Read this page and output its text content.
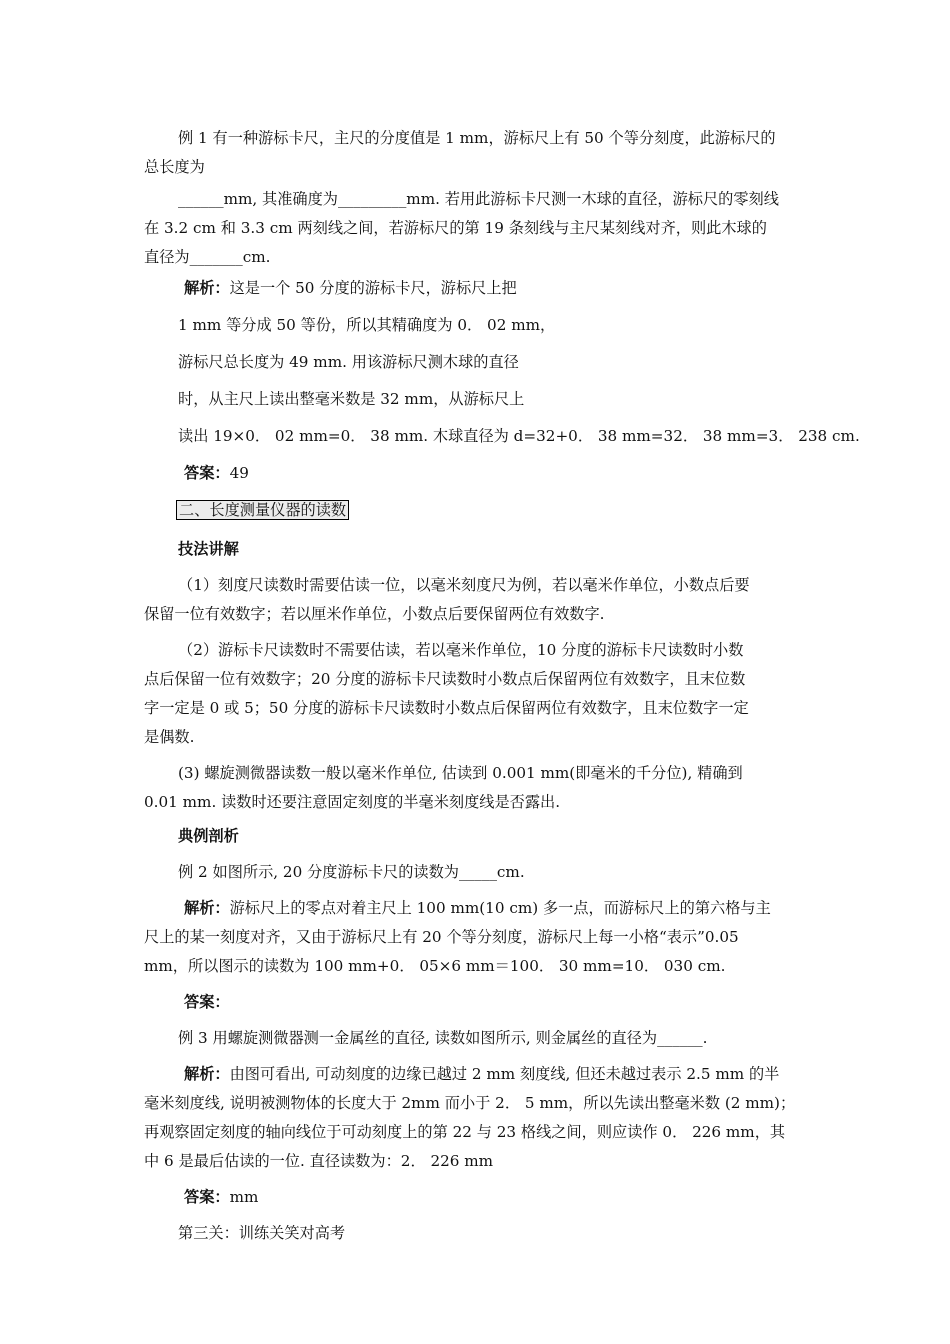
例 1 有一种游标卡尺，主尺的分度值是 1 mm，游标尺上有 50 个等分刻度，此游标尺的
总长度为
______mm, 其准确度为_________mm. 若用此游标卡尺测一木球的直径，游标尺的零刻线
在 3.2 cm 和 3.3 cm 两刻线之间，若游标尺的第 19 条刻线与主尺某刻线对齐，则此木球的
直径为_______cm.
解析：这是一个 50 分度的游标卡尺，游标尺上把
1 mm 等分成 50 等份，所以其精确度为 0． 02 mm，
游标尺总长度为 49 mm. 用该游标尺测木球的直径
时，从主尺上读出整毫米数是 32 mm，从游标尺上
读出 19×0． 02 mm=0． 38 mm. 木球直径为 d=32+0． 38 mm=32． 38 mm=3． 238 cm.
答案：49
二、长度测量仪器的读数
技法讲解
（1）刻度尺读数时需要估读一位，以毫米刻度尺为例，若以毫米作单位，小数点后要
保留一位有效数字；若以厘米作单位，小数点后要保留两位有效数字.
（2）游标卡尺读数时不需要估读，若以毫米作单位，10 分度的游标卡尺读数时小数
点后保留一位有效数字；20 分度的游标卡尺读数时小数点后保留两位有效数字，且末位数
字一定是 0 或 5；50 分度的游标卡尺读数时小数点后保留两位有效数字，且末位数字一定
是偶数.
(3) 螺旋测微器读数一般以毫米作单位, 估读到 0.001 mm(即毫米的千分位), 精确到
0.01 mm. 读数时还要注意固定刻度的半毫米刻度线是否露出.
典例剖析
例 2 如图所示, 20 分度游标卡尺的读数为_____cm.
解析：游标尺上的零点对着主尺上 100 mm(10 cm) 多一点，而游标尺上的第六格与主
尺上的某一刻度对齐，又由于游标尺上有 20 个等分刻度，游标尺上每一小格“表示”0.05
mm，所以图示的读数为 100 mm+0． 05×6 mm＝100． 30 mm=10． 030 cm.
答案：
例 3 用螺旋测微器测一金属丝的直径, 读数如图所示, 则金属丝的直径为______.
解析：由图可看出, 可动刻度的边缘已越过 2 mm 刻度线, 但还未越过表示 2.5 mm 的半
毫米刻度线, 说明被测物体的长度大于 2mm 而小于 2． 5 mm，所以先读出整毫米数 (2 mm)；
再观察固定刻度的轴向线位于可动刻度上的第 22 与 23 格线之间，则应读作 0． 226 mm，其
中 6 是最后估读的一位. 直径读数为：2． 226 mm
答案：mm
第三关：训练关笑对高考
